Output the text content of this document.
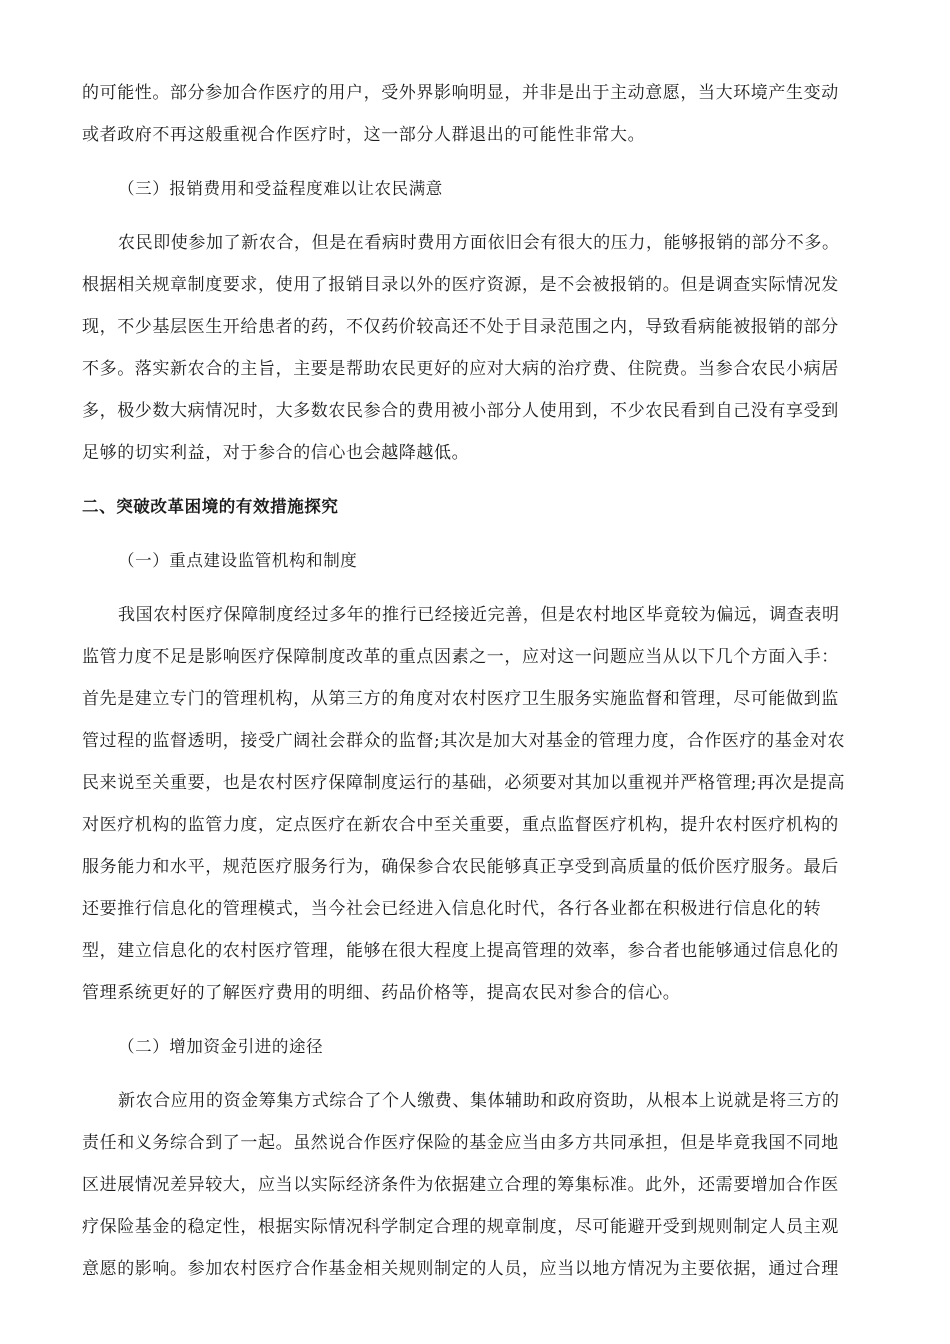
的可能性。部分参加合作医疗的用户，受外界影响明显，并非是出于主动意愿，当大环境产生变动
或者政府不再这般重视合作医疗时，这一部分人群退出的可能性非常大。
（三）报销费用和受益程度难以让农民满意
农民即使参加了新农合，但是在看病时费用方面依旧会有很大的压力，能够报销的部分不多。
根据相关规章制度要求，使用了报销目录以外的医疗资源，是不会被报销的。但是调查实际情况发
现，不少基层医生开给患者的药，不仅药价较高还不处于目录范围之内，导致看病能被报销的部分
不多。落实新农合的主旨，主要是帮助农民更好的应对大病的治疗费、住院费。当参合农民小病居
多，极少数大病情况时，大多数农民参合的费用被小部分人使用到，不少农民看到自己没有享受到
足够的切实利益，对于参合的信心也会越降越低。
二、突破改革困境的有效措施探究
（一）重点建设监管机构和制度
我国农村医疗保障制度经过多年的推行已经接近完善，但是农村地区毕竟较为偏远，调查表明
监管力度不足是影响医疗保障制度改革的重点因素之一，应对这一问题应当从以下几个方面入手：
首先是建立专门的管理机构，从第三方的角度对农村医疗卫生服务实施监督和管理，尽可能做到监
管过程的监督透明，接受广阔社会群众的监督;其次是加大对基金的管理力度，合作医疗的基金对农
民来说至关重要，也是农村医疗保障制度运行的基础，必须要对其加以重视并严格管理;再次是提高
对医疗机构的监管力度，定点医疗在新农合中至关重要，重点监督医疗机构，提升农村医疗机构的
服务能力和水平，规范医疗服务行为，确保参合农民能够真正享受到高质量的低价医疗服务。最后
还要推行信息化的管理模式，当今社会已经进入信息化时代，各行各业都在积极进行信息化的转
型，建立信息化的农村医疗管理，能够在很大程度上提高管理的效率，参合者也能够通过信息化的
管理系统更好的了解医疗费用的明细、药品价格等，提高农民对参合的信心。
（二）增加资金引进的途径
新农合应用的资金筹集方式综合了个人缴费、集体辅助和政府资助，从根本上说就是将三方的
责任和义务综合到了一起。虽然说合作医疗保险的基金应当由多方共同承担，但是毕竟我国不同地
区进展情况差异较大，应当以实际经济条件为依据建立合理的筹集标准。此外，还需要增加合作医
疗保险基金的稳定性，根据实际情况科学制定合理的规章制度，尽可能避开受到规则制定人员主观
意愿的影响。参加农村医疗合作基金相关规则制定的人员，应当以地方情况为主要依据，通过合理
